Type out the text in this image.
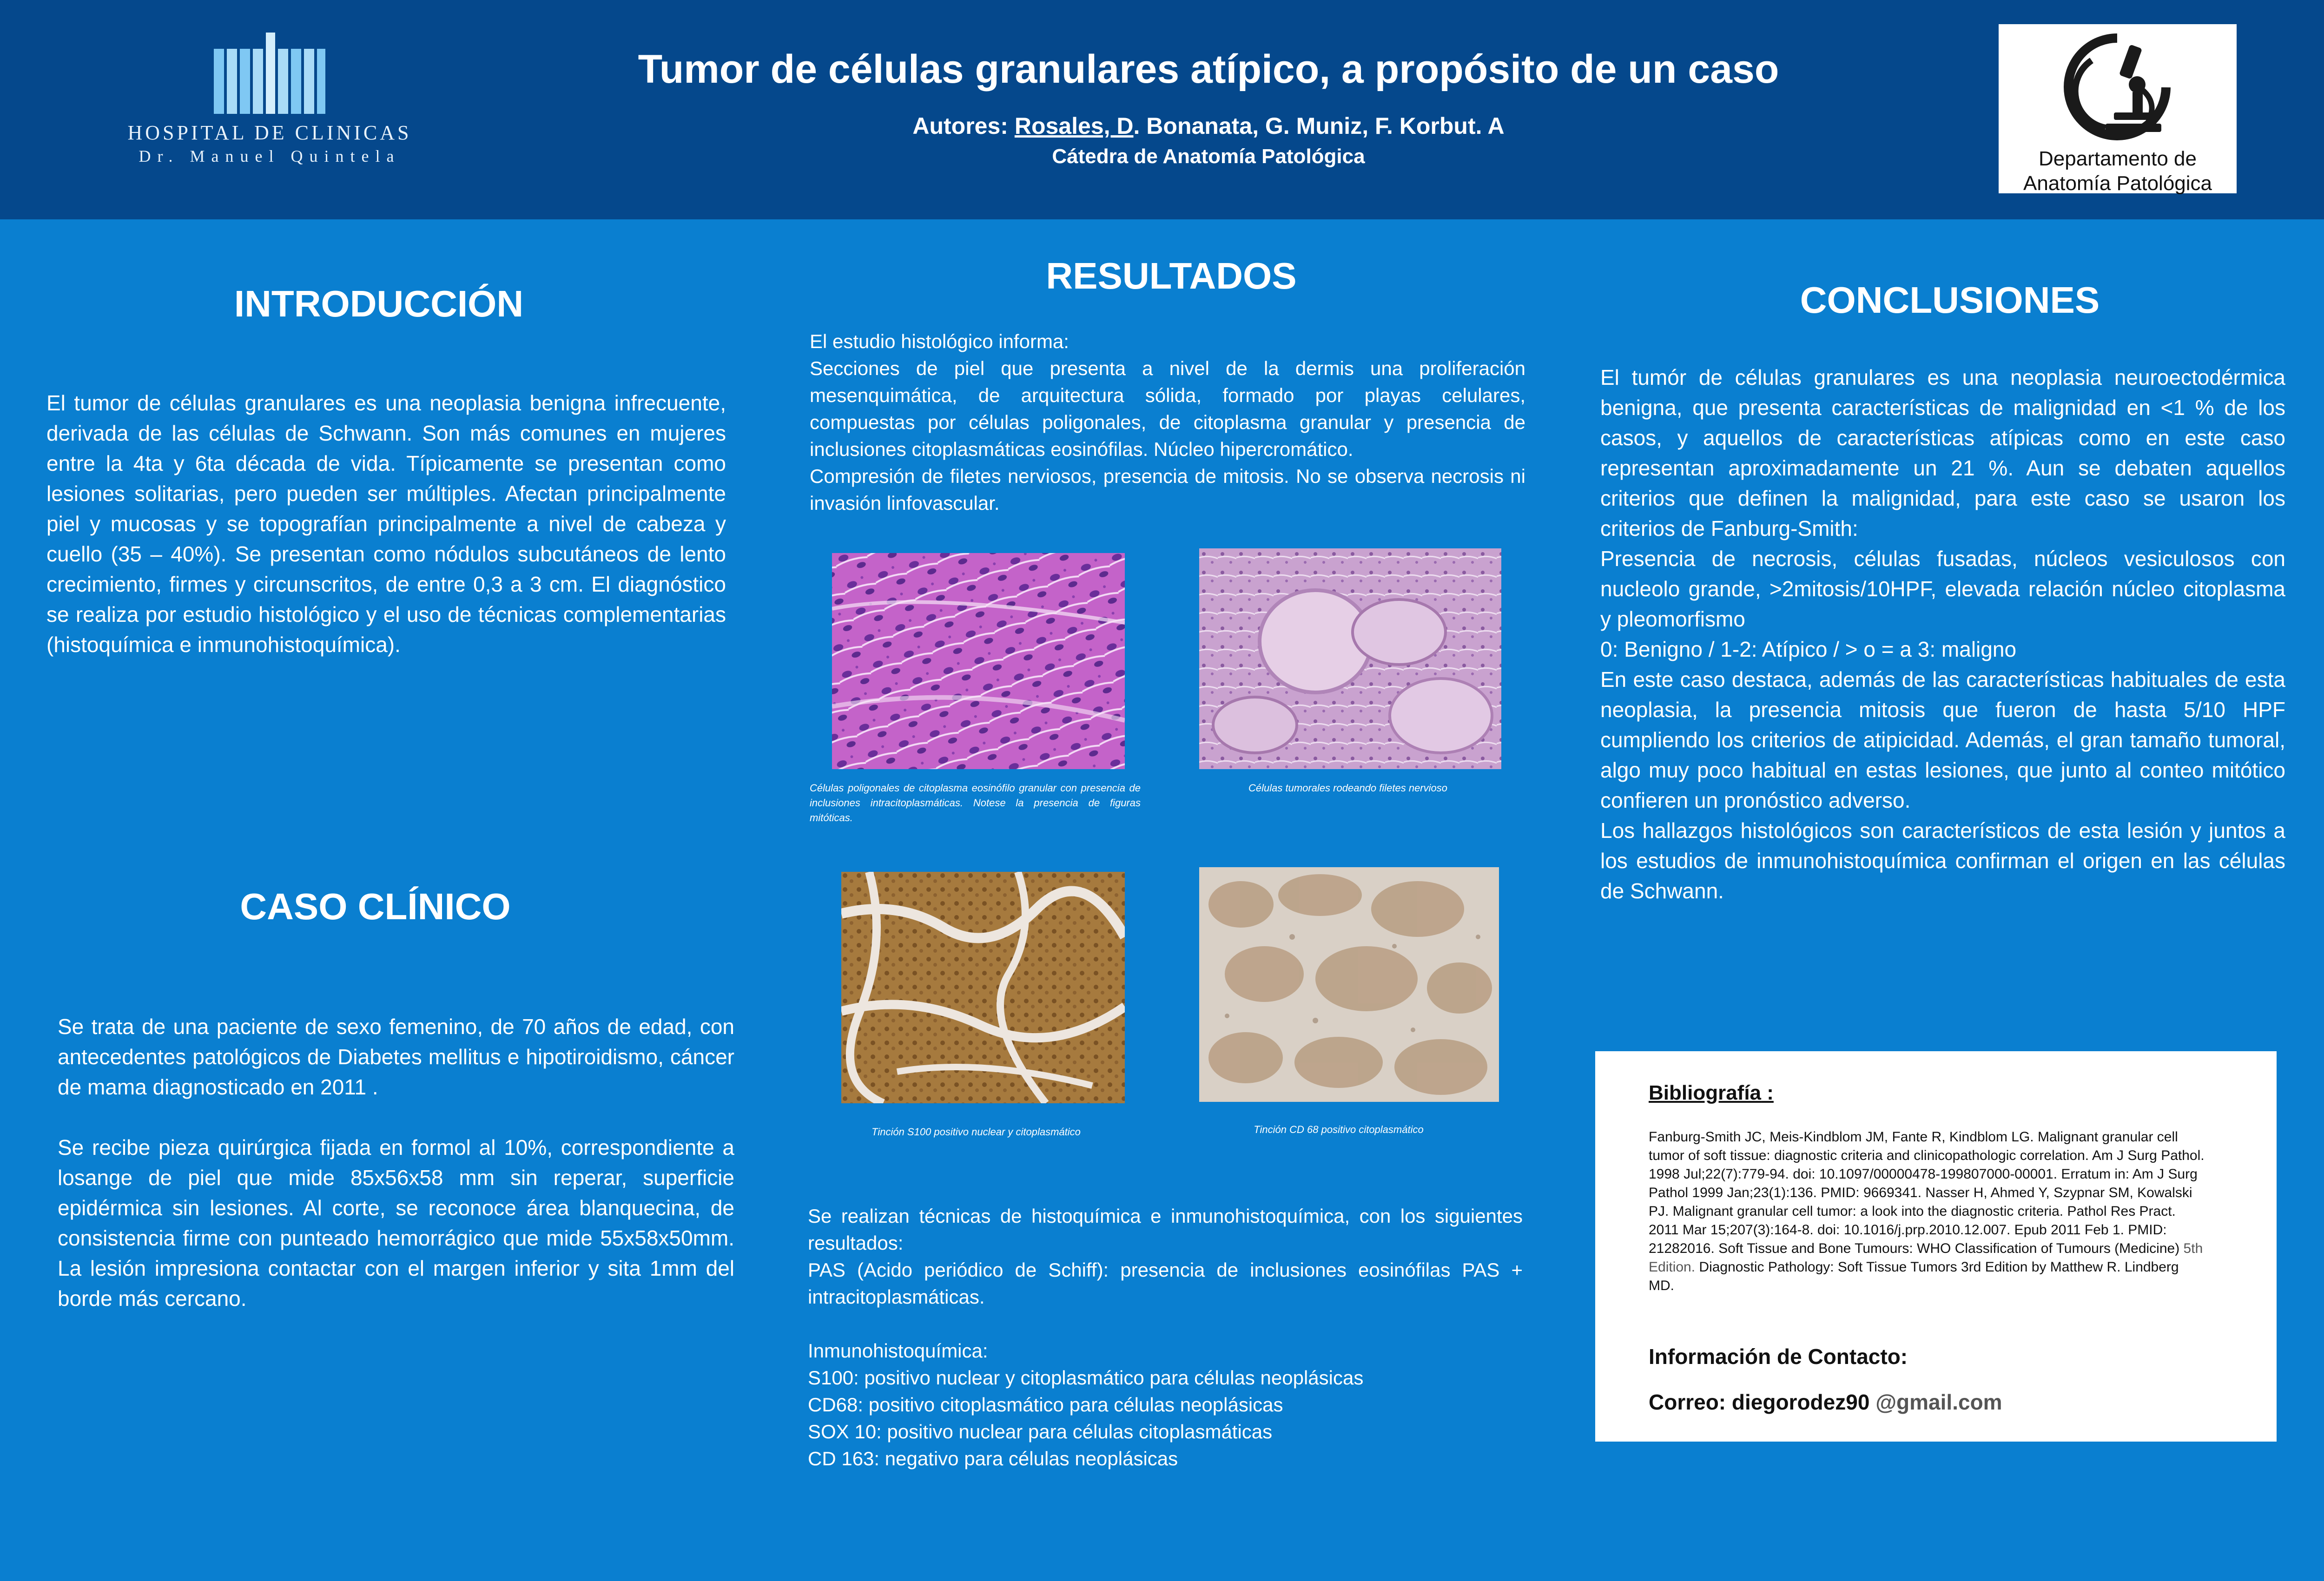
HOSPITAL DE CLINICAS
Dr. Manuel Quintela
Tumor de células granulares atípico, a propósito de un caso
Autores: Rosales, D. Bonanata, G. Muniz, F. Korbut. A
Cátedra de Anatomía Patológica	Departamento de
Anatomía Patológica
INTRODUCCIÓN
El tumor de células granulares es una neoplasia benigna infrecuente, derivada de las células de Schwann. Son más comunes en mujeres entre la 4ta y 6ta década de vida. Típicamente se presentan como lesiones solitarias, pero pueden ser múltiples. Afectan principalmente piel y mucosas y se topografían principalmente a nivel de cabeza y cuello (35 – 40%). Se presentan como nódulos subcutáneos de lento crecimiento, firmes y circunscritos, de entre 0,3 a 3 cm. El diagnóstico se realiza por estudio histológico y el uso de técnicas complementarias (histoquímica e inmunohistoquímica).
CASO CLÍNICO

Se trata de una paciente de sexo femenino, de 70 años de edad, con antecedentes patológicos de Diabetes mellitus e hipotiroidismo, cáncer de mama diagnosticado en 2011 .

Se recibe pieza quirúrgica fijada en formol al 10%, correspondiente a losange de piel que mide 85x56x58 mm sin reperar, superficie epidérmica sin lesiones. Al corte, se reconoce área blanquecina, de consistencia firme con punteado hemorrágico que mide 55x58x50mm. La lesión impresiona contactar con el margen inferior y sita 1mm del borde más cercano.

RESULTADOS

El estudio histológico informa:

Secciones de piel que presenta a nivel de la dermis una proliferación mesenquimática, de arquitectura sólida, formado por playas celulares, compuestas por células poligonales, de citoplasma granular y presencia de inclusiones citoplasmáticas eosinófilas. Núcleo hipercromático.

Compresión de filetes nerviosos, presencia de mitosis. No se observa necrosis ni invasión linfovascular.

Células poligonales de citoplasma eosinófilo granular con presencia de inclusiones intracitoplasmáticas. Notese la presencia de figuras mitóticas.
Células tumorales rodeando filetes nervioso
Tinción S100 positivo nuclear y citoplasmático	Tinción CD 68 positivo citoplasmático

Se realizan técnicas de histoquímica e inmunohistoquímica, con los siguientes resultados:

PAS (Acido periódico de Schiff): presencia de inclusiones eosinófilas PAS + intracitoplasmáticas.

Inmunohistoquímica:

S100: positivo nuclear y citoplasmático para células neoplásicas

CD68: positivo citoplasmático para células neoplásicas

SOX 10: positivo nuclear para células citoplasmáticas

CD 163: negativo para células neoplásicas

CONCLUSIONES

El tumór de células granulares es una neoplasia neuroectodérmica benigna, que presenta características de malignidad en <1 % de los casos, y aquellos de características atípicas como en este caso representan aproximadamente un 21 %. Aun se debaten aquellos criterios que definen la malignidad, para este caso se usaron los criterios de Fanburg-Smith:

Presencia de necrosis, células fusadas, núcleos vesiculosos con nucleolo grande, >2mitosis/10HPF, elevada relación núcleo citoplasma y pleomorfismo

0: Benigno / 1-2: Atípico / > o = a 3: maligno

En este caso destaca, además de las características habituales de esta neoplasia, la presencia mitosis que fueron de hasta 5/10 HPF cumpliendo los criterios de atipicidad. Además, el gran tamaño tumoral, algo muy poco habitual en estas lesiones, que junto al conteo mitótico confieren un pronóstico adverso.

Los hallazgos histológicos son característicos de esta lesión y juntos a los estudios de inmunohistoquímica confirman el origen en las células de Schwann.

Bibliografía :
Fanburg-Smith JC, Meis-Kindblom JM, Fante R, Kindblom LG. Malignant granular cell tumor of soft tissue: diagnostic criteria and clinicopathologic correlation. Am J Surg Pathol. 1998 Jul;22(7):779-94. doi: 10.1097/00000478-199807000-00001. Erratum in: Am J Surg Pathol 1999 Jan;23(1):136. PMID: 9669341. Nasser H, Ahmed Y, Szypnar SM, Kowalski PJ. Malignant granular cell tumor: a look into the diagnostic criteria. Pathol Res Pract. 2011 Mar 15;207(3):164-8. doi: 10.1016/j.prp.2010.12.007. Epub 2011 Feb 1. PMID: 21282016. Soft Tissue and Bone Tumours: WHO Classification of Tumours (Medicine) 5th Edition. Diagnostic Pathology: Soft Tissue Tumors 3rd Edition by Matthew R. Lindberg MD.
Información de Contacto:
Correo: diegorodez90 @gmail.com
